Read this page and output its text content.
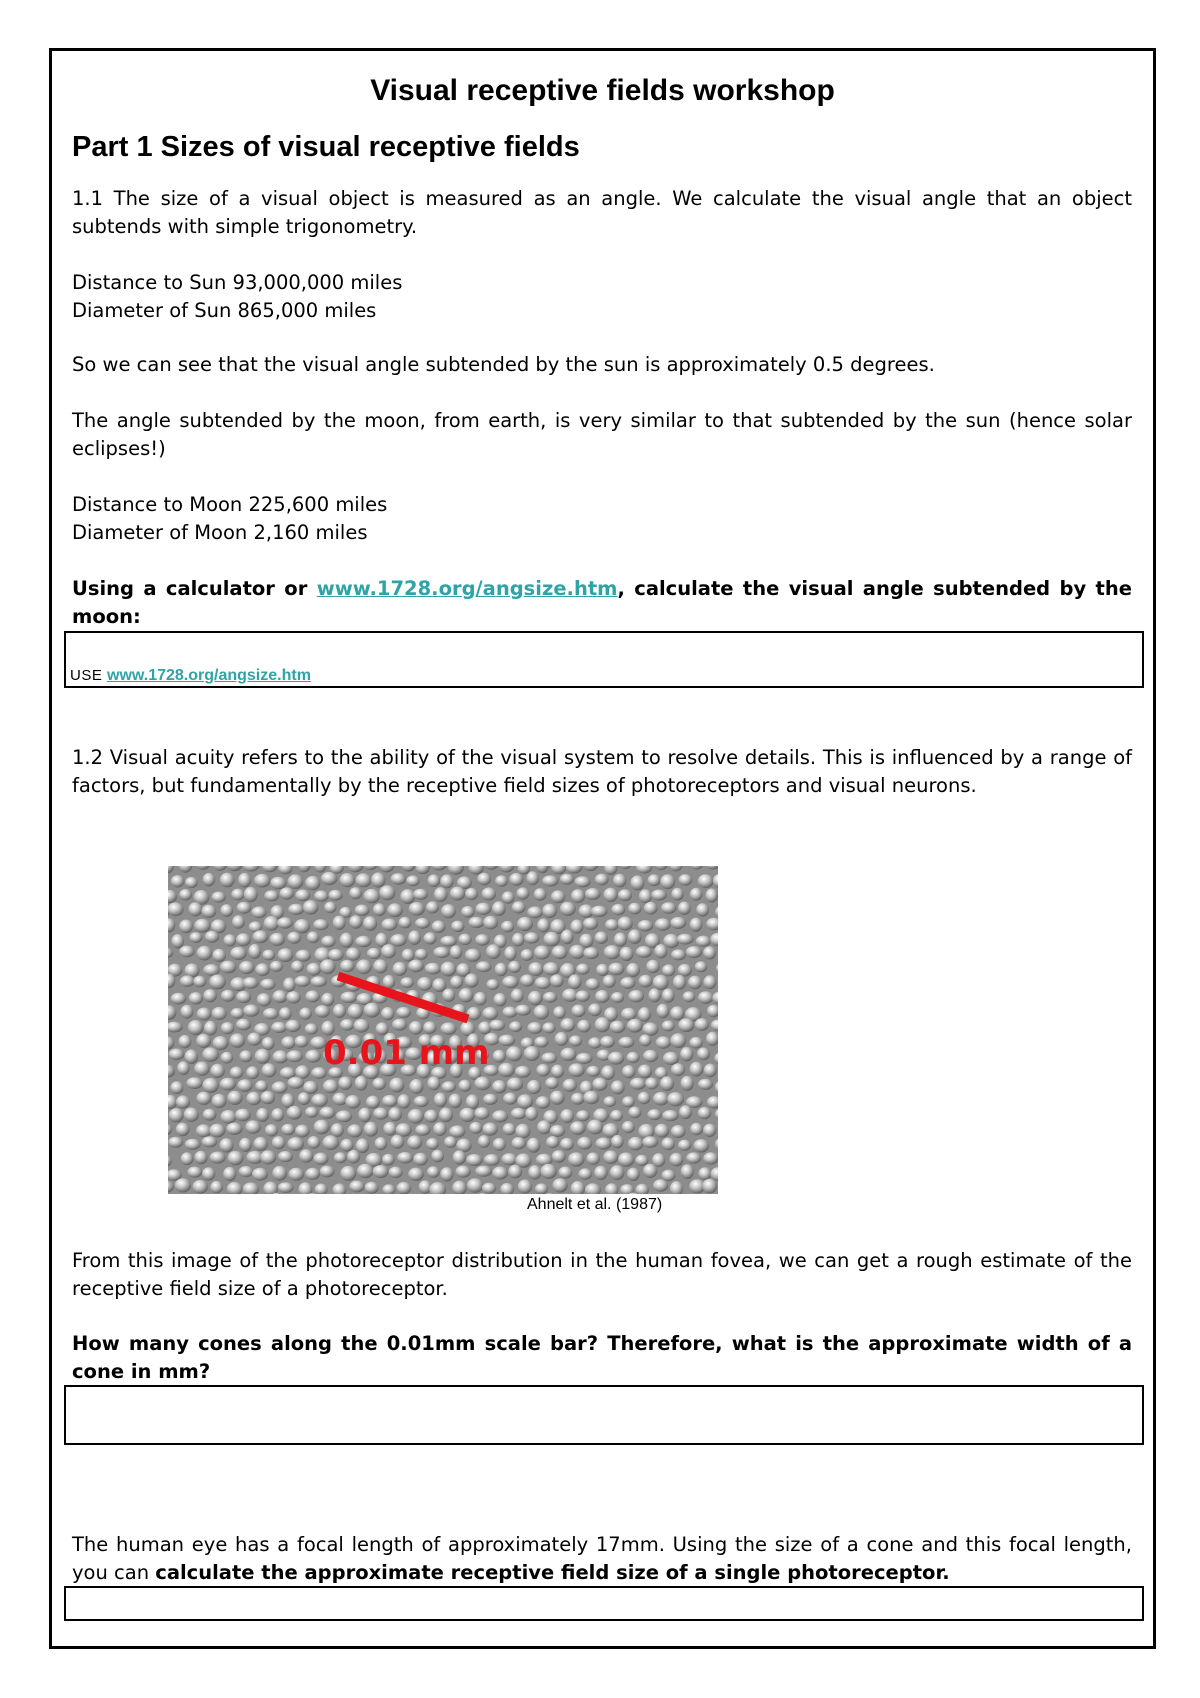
Visual receptive fields workshop
Part 1 Sizes of visual receptive fields

1.1 The size of a visual object is measured as an angle. We calculate the visual angle that an object subtends with simple trigonometry.

Distance to Sun 93,000,000 miles

Diameter of Sun 865,000 miles

So we can see that the visual angle subtended by the sun is approximately 0.5 degrees.

The angle subtended by the moon, from earth, is very similar to that subtended by the sun (hence solar eclipses!)

Distance to Moon 225,600 miles

Diameter of Moon 2,160 miles

Using a calculator or www.1728.org/angsize.htm, calculate the visual angle subtended by the moon:

USE www.1728.org/angsize.htm

1.2 Visual acuity refers to the ability of the visual system to resolve details. This is influenced by a range of factors, but fundamentally by the receptive field sizes of photoreceptors and visual neurons.

0.01 mm
Ahnelt et al. (1987)

From this image of the photoreceptor distribution in the human fovea, we can get a rough estimate of the receptive field size of a photoreceptor.

How many cones along the 0.01mm scale bar? Therefore, what is the approximate width of a cone in mm?

The human eye has a focal length of approximately 17mm. Using the size of a cone and this focal length, you can calculate the approximate receptive field size of a single photoreceptor.
